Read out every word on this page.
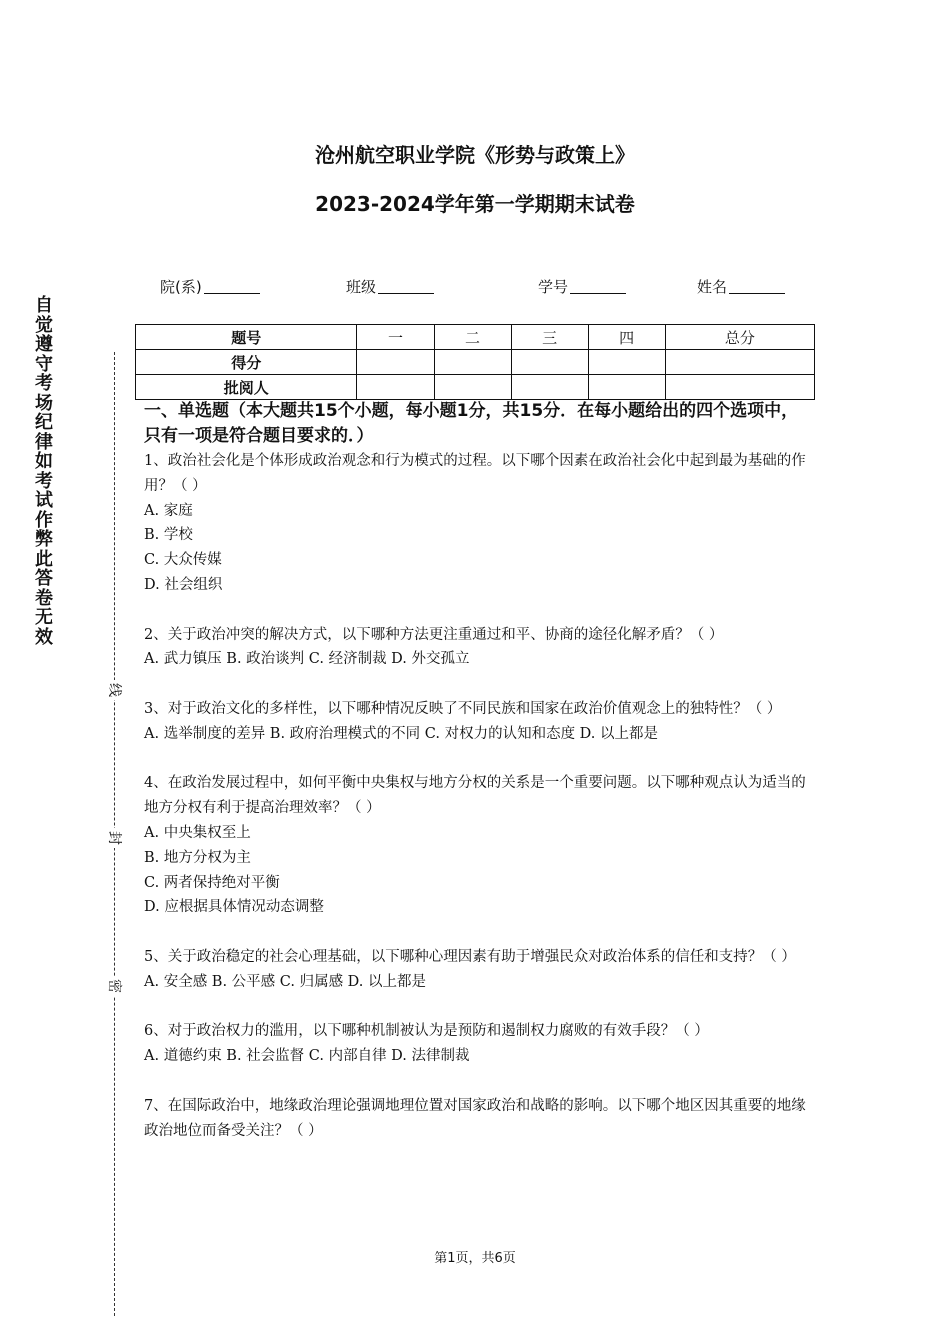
自觉遵守考场纪律如考试作弊此答卷无效
线
封
密
沧州航空职业学院《形势与政策上》
2023-2024学年第一学期期末试卷
院(系)	班级	学号	姓名
题号	一	二	三	四	总分
得分					
批阅人					

一、单选题（本大题共15个小题，每小题1分，共15分．在每小题给出的四个选项中，只有一项是符合题目要求的．）

1、政治社会化是个体形成政治观念和行为模式的过程。以下哪个因素在政治社会化中起到最为基础的作用？（ ）

A. 家庭

B. 学校

C. 大众传媒

D. 社会组织

2、关于政治冲突的解决方式，以下哪种方法更注重通过和平、协商的途径化解矛盾？（ ）

A. 武力镇压 B. 政治谈判 C. 经济制裁 D. 外交孤立

3、对于政治文化的多样性，以下哪种情况反映了不同民族和国家在政治价值观念上的独特性？（ ）

A. 选举制度的差异 B. 政府治理模式的不同 C. 对权力的认知和态度 D. 以上都是

4、在政治发展过程中，如何平衡中央集权与地方分权的关系是一个重要问题。以下哪种观点认为适当的地方分权有利于提高治理效率？（ ）

A. 中央集权至上

B. 地方分权为主

C. 两者保持绝对平衡

D. 应根据具体情况动态调整

5、关于政治稳定的社会心理基础，以下哪种心理因素有助于增强民众对政治体系的信任和支持？（ ）

A. 安全感 B. 公平感 C. 归属感 D. 以上都是

6、对于政治权力的滥用，以下哪种机制被认为是预防和遏制权力腐败的有效手段？（ ）

A. 道德约束 B. 社会监督 C. 内部自律 D. 法律制裁

7、在国际政治中，地缘政治理论强调地理位置对国家政治和战略的影响。以下哪个地区因其重要的地缘政治地位而备受关注？（ ）

第1页，共6页
